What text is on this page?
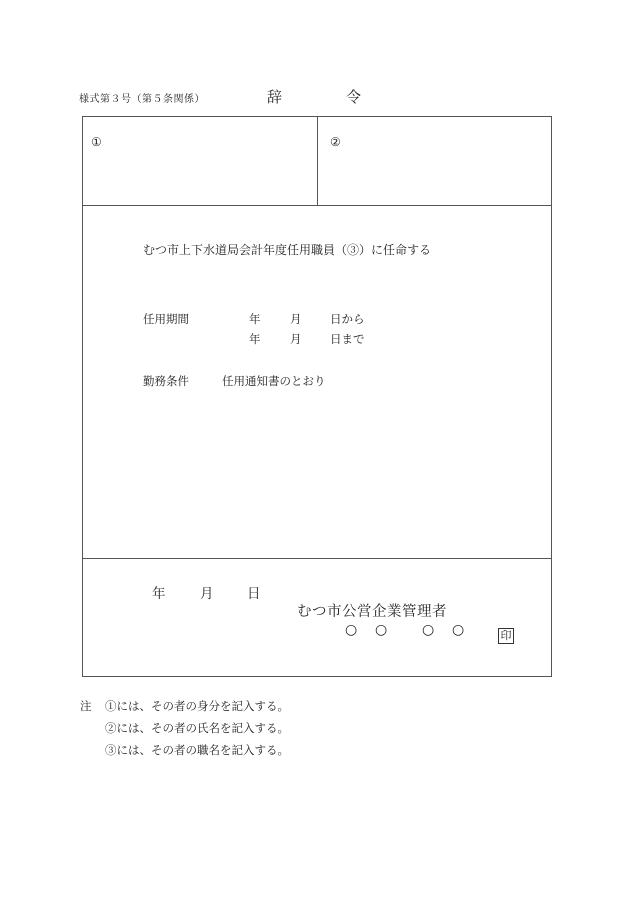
様式第３号（第５条関係）	辞	令
①	②
むつ市上下水道局会計年度任用職員（③）に任命する
任用期間	年	月 日から
年	月 日まで
勤務条件	任用通知書のとおり
年	月 日
むつ市公営企業管理者
○ ○ ○ ○	印
注 ①には、その者の身分を記入する。
②には、その者の氏名を記入する。
③には、その者の職名を記入する。
